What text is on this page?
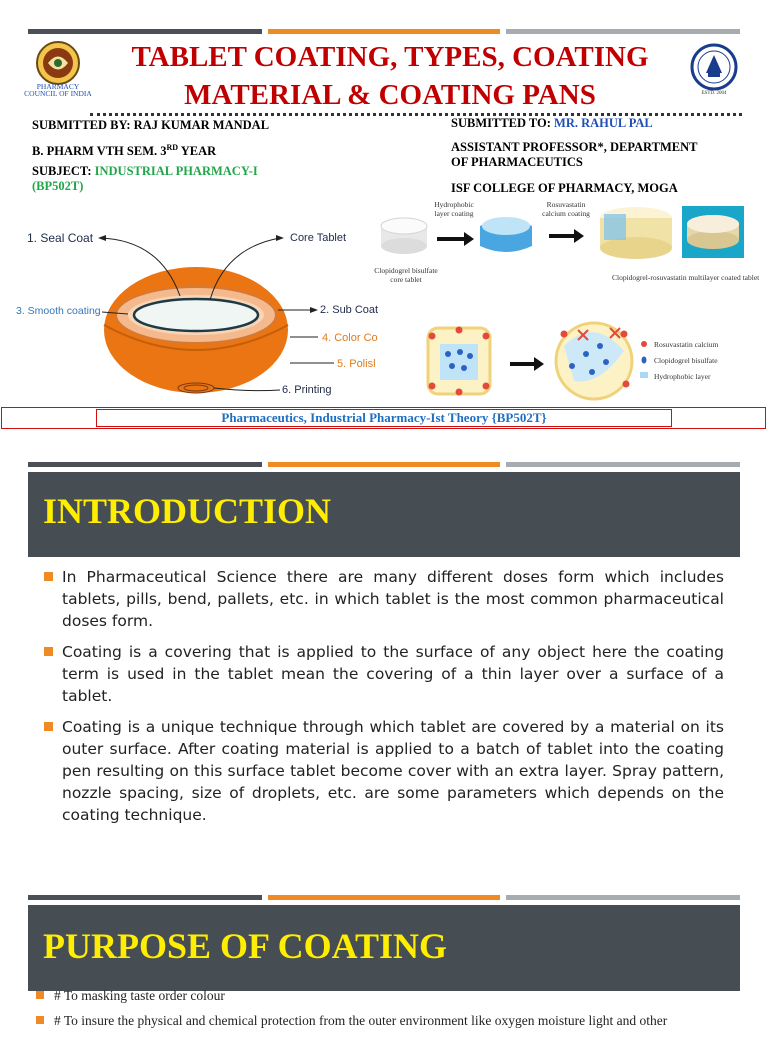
PHARMACY
COUNCIL OF INDIA	ESTD. 2004
TABLET COATING, TYPES, COATING
MATERIAL & COATING PANS
SUBMITTED BY: RAJ KUMAR MANDAL
B. PHARM VTH SEM. 3RD YEAR
SUBJECT: INDUSTRIAL PHARMACY-I
(BP502T)
SUBMITTED TO: MR. RAHUL PAL
ASSISTANT PROFESSOR*, DEPARTMENT
OF PHARMACEUTICS
ISF COLLEGE OF PHARMACY, MOGA
1. Seal Coat	Core Tablet
3. Smooth coating	2. Sub Coat
4. Color Co
5. Polisl
6. Printing
Hydrophobic layer coating
Rosuvastatin calcium coating
Clopidogrel bisulfate core tablet	Clopidogrel-rosuvastatin multilayer coated tablet
Rosuvastatin calcium
Clopidogrel bisulfate
Hydrophobic layer
Pharmaceutics, Industrial Pharmacy-Ist Theory {BP502T}
INTRODUCTION
In Pharmaceutical Science there are many different doses form which includes tablets, pills, bend, pallets, etc. in which tablet is the most common pharmaceutical doses form.
Coating is a covering that is applied to the surface of any object here the coating term is used in the tablet mean the covering of a thin layer over a surface of a tablet.
Coating is a unique technique through which tablet are covered by a material on its outer surface. After coating material is applied to a batch of tablet into the coating pen resulting on this surface tablet become cover with an extra layer. Spray pattern, nozzle spacing, size of droplets, etc. are some parameters which depends on the coating technique.
PURPOSE OF COATING
# To masking taste order colour
# To insure the physical and chemical protection from the outer environment like oxygen moisture light and other
